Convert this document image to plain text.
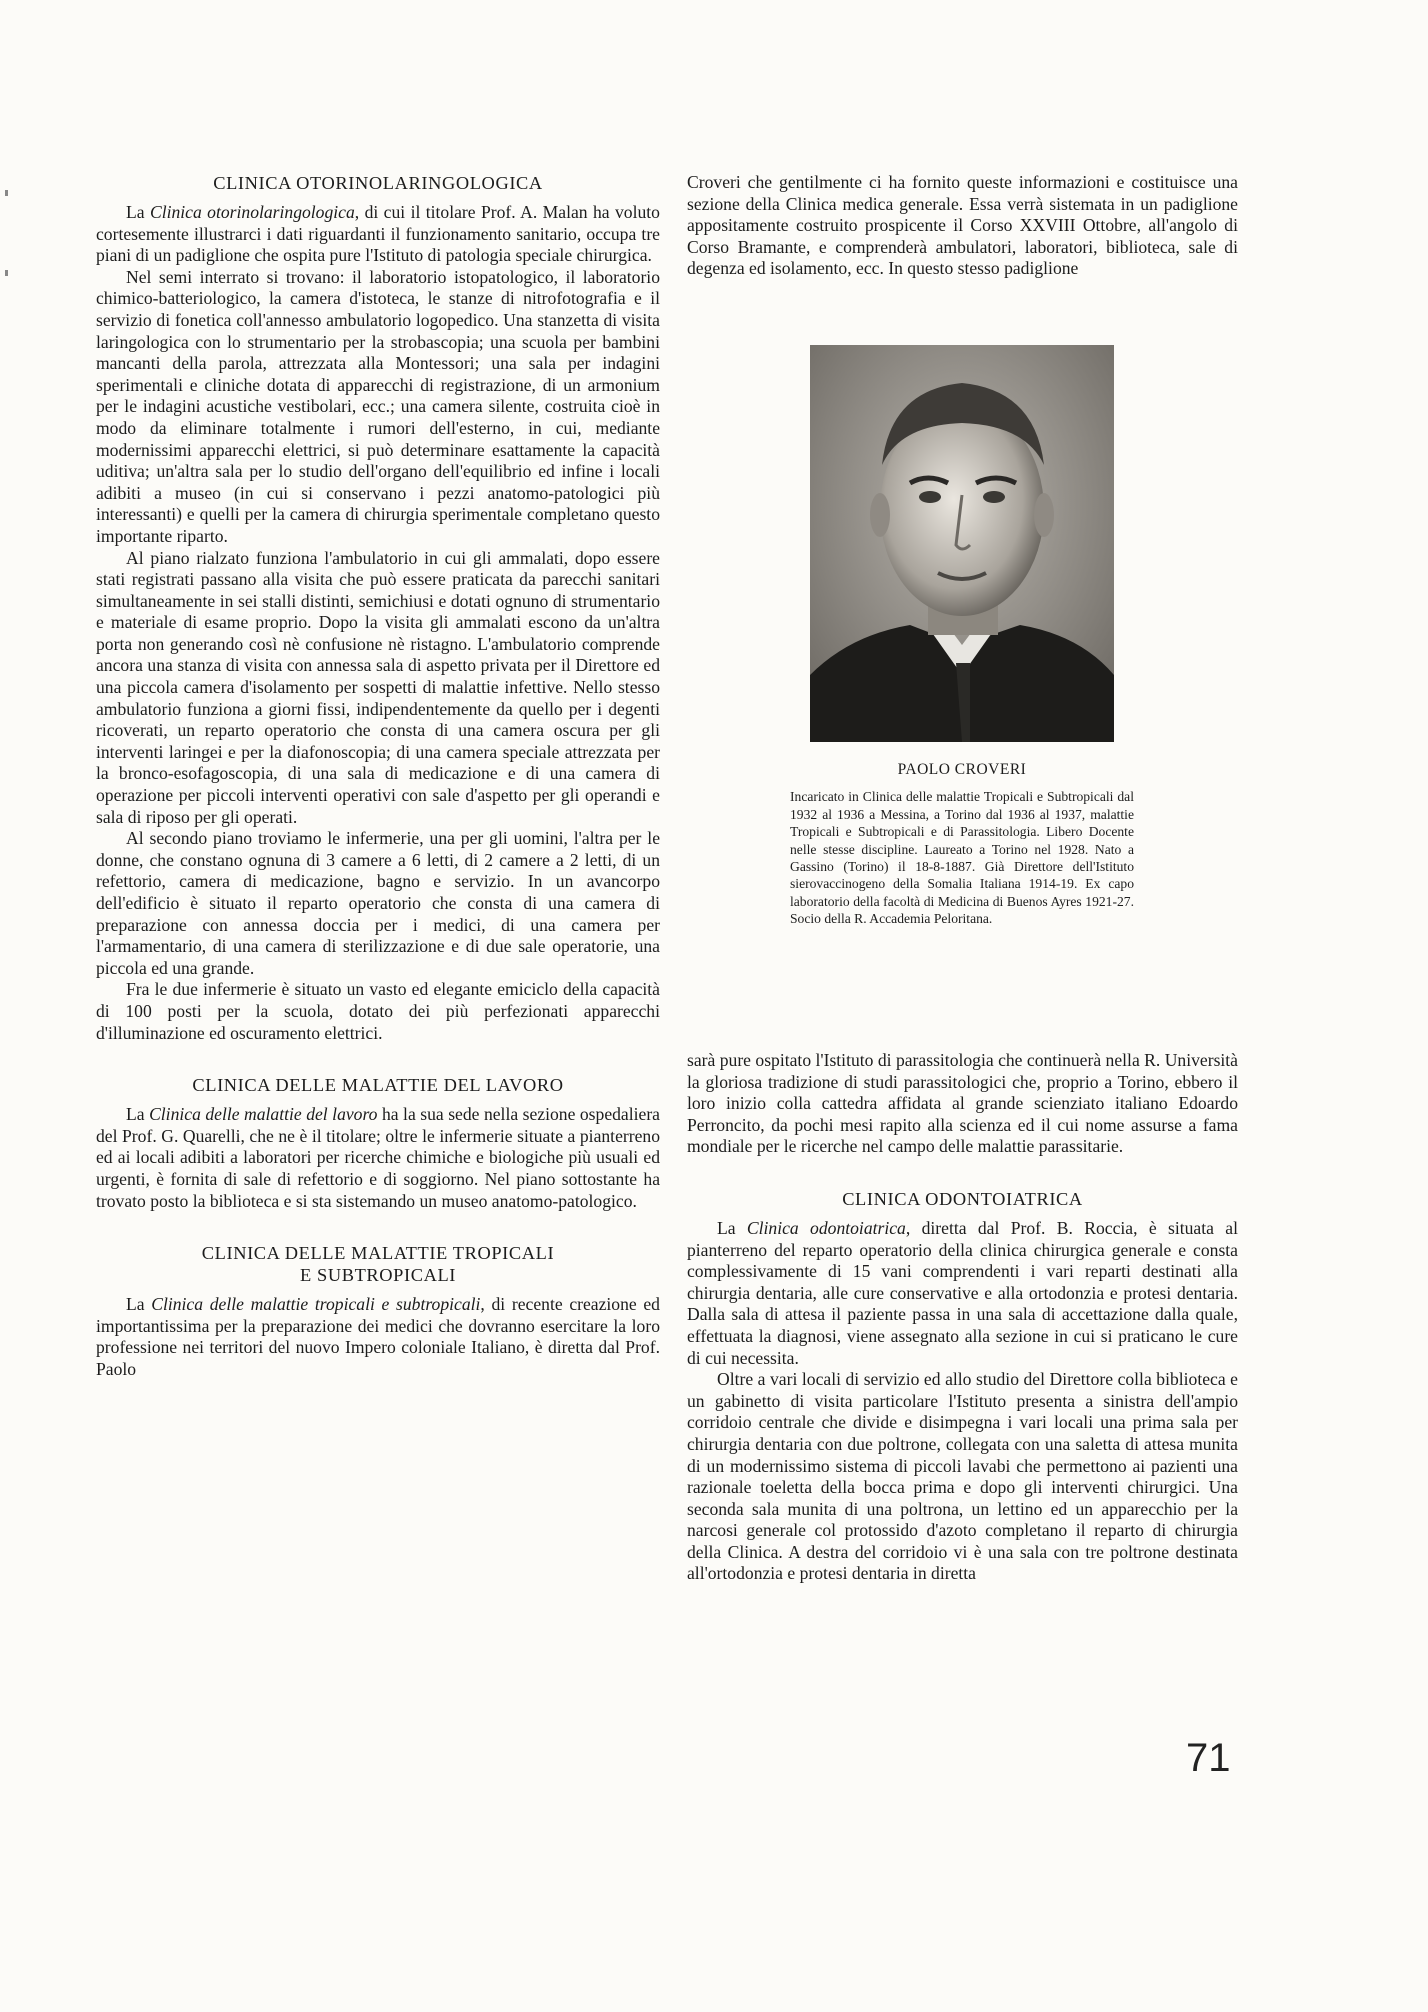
CLINICA OTORINOLARINGOLOGICA

La Clinica otorinolaringologica, di cui il titolare Prof. A. Malan ha voluto cortesemente illustrarci i dati riguardanti il funzionamento sanitario, occupa tre piani di un padiglione che ospita pure l'Istituto di patologia speciale chirurgica.

Nel semi interrato si trovano: il laboratorio istopatologico, il laboratorio chimico-batteriologico, la camera d'istoteca, le stanze di nitrofotografia e il servizio di fonetica coll'annesso ambulatorio logopedico. Una stanzetta di visita laringologica con lo strumentario per la strobascopia; una scuola per bambini mancanti della parola, attrezzata alla Montessori; una sala per indagini sperimentali e cliniche dotata di apparecchi di registrazione, di un armonium per le indagini acustiche vestibolari, ecc.; una camera silente, costruita cioè in modo da eliminare totalmente i rumori dell'esterno, in cui, mediante modernissimi apparecchi elettrici, si può determinare esattamente la capacità uditiva; un'altra sala per lo studio dell'organo dell'equilibrio ed infine i locali adibiti a museo (in cui si conservano i pezzi anatomo-patologici più interessanti) e quelli per la camera di chirurgia sperimentale completano questo importante riparto.

Al piano rialzato funziona l'ambulatorio in cui gli ammalati, dopo essere stati registrati passano alla visita che può essere praticata da parecchi sanitari simultaneamente in sei stalli distinti, semichiusi e dotati ognuno di strumentario e materiale di esame proprio. Dopo la visita gli ammalati escono da un'altra porta non generando così nè confusione nè ristagno. L'ambulatorio comprende ancora una stanza di visita con annessa sala di aspetto privata per il Direttore ed una piccola camera d'isolamento per sospetti di malattie infettive. Nello stesso ambulatorio funziona a giorni fissi, indipendentemente da quello per i degenti ricoverati, un reparto operatorio che consta di una camera oscura per gli interventi laringei e per la diafonoscopia; di una camera speciale attrezzata per la bronco-esofagoscopia, di una sala di medicazione e di una camera di operazione per piccoli interventi operativi con sale d'aspetto per gli operandi e sala di riposo per gli operati.

Al secondo piano troviamo le infermerie, una per gli uomini, l'altra per le donne, che constano ognuna di 3 camere a 6 letti, di 2 camere a 2 letti, di un refettorio, camera di medicazione, bagno e servizio. In un avancorpo dell'edificio è situato il reparto operatorio che consta di una camera di preparazione con annessa doccia per i medici, di una camera per l'armamentario, di una camera di sterilizzazione e di due sale operatorie, una piccola ed una grande.

Fra le due infermerie è situato un vasto ed elegante emiciclo della capacità di 100 posti per la scuola, dotato dei più perfezionati apparecchi d'illuminazione ed oscuramento elettrici.

CLINICA DELLE MALATTIE DEL LAVORO

La Clinica delle malattie del lavoro ha la sua sede nella sezione ospedaliera del Prof. G. Quarelli, che ne è il titolare; oltre le infermerie situate a pianterreno ed ai locali adibiti a laboratori per ricerche chimiche e biologiche più usuali ed urgenti, è fornita di sale di refettorio e di soggiorno. Nel piano sottostante ha trovato posto la biblioteca e si sta sistemando un museo anatomo-patologico.

CLINICA DELLE MALATTIE TROPICALI
E SUBTROPICALI

La Clinica delle malattie tropicali e subtropicali, di recente creazione ed importantissima per la preparazione dei medici che dovranno esercitare la loro professione nei territori del nuovo Impero coloniale Italiano, è diretta dal Prof. Paolo

Croveri che gentilmente ci ha fornito queste informazioni e costituisce una sezione della Clinica medica generale. Essa verrà sistemata in un padiglione appositamente costruito prospicente il Corso XXVIII Ottobre, all'angolo di Corso Bramante, e comprenderà ambulatori, laboratori, biblioteca, sale di degenza ed isolamento, ecc. In questo stesso padiglione

PAOLO CROVERI
Incaricato in Clinica delle malattie Tropicali e Subtropicali dal 1932 al 1936 a Messina, a Torino dal 1936 al 1937, malattie Tropicali e Subtropicali e di Parassitologia. Libero Docente nelle stesse discipline. Laureato a Torino nel 1928. Nato a Gassino (Torino) il 18-8-1887. Già Direttore dell'Istituto sierovaccinogeno della Somalia Italiana 1914-19. Ex capo laboratorio della facoltà di Medicina di Buenos Ayres 1921-27. Socio della R. Accademia Peloritana.

sarà pure ospitato l'Istituto di parassitologia che continuerà nella R. Università la gloriosa tradizione di studi parassitologici che, proprio a Torino, ebbero il loro inizio colla cattedra affidata al grande scienziato italiano Edoardo Perroncito, da pochi mesi rapito alla scienza ed il cui nome assurse a fama mondiale per le ricerche nel campo delle malattie parassitarie.

CLINICA ODONTOIATRICA

La Clinica odontoiatrica, diretta dal Prof. B. Roccia, è situata al pianterreno del reparto operatorio della clinica chirurgica generale e consta complessivamente di 15 vani comprendenti i vari reparti destinati alla chirurgia dentaria, alle cure conservative e alla ortodonzia e protesi dentaria. Dalla sala di attesa il paziente passa in una sala di accettazione dalla quale, effettuata la diagnosi, viene assegnato alla sezione in cui si praticano le cure di cui necessita.

Oltre a vari locali di servizio ed allo studio del Direttore colla biblioteca e un gabinetto di visita particolare l'Istituto presenta a sinistra dell'ampio corridoio centrale che divide e disimpegna i vari locali una prima sala per chirurgia dentaria con due poltrone, collegata con una saletta di attesa munita di un modernissimo sistema di piccoli lavabi che permettono ai pazienti una razionale toeletta della bocca prima e dopo gli interventi chirurgici. Una seconda sala munita di una poltrona, un lettino ed un apparecchio per la narcosi generale col protossido d'azoto completano il reparto di chirurgia della Clinica. A destra del corridoio vi è una sala con tre poltrone destinata all'ortodonzia e protesi dentaria in diretta

71
